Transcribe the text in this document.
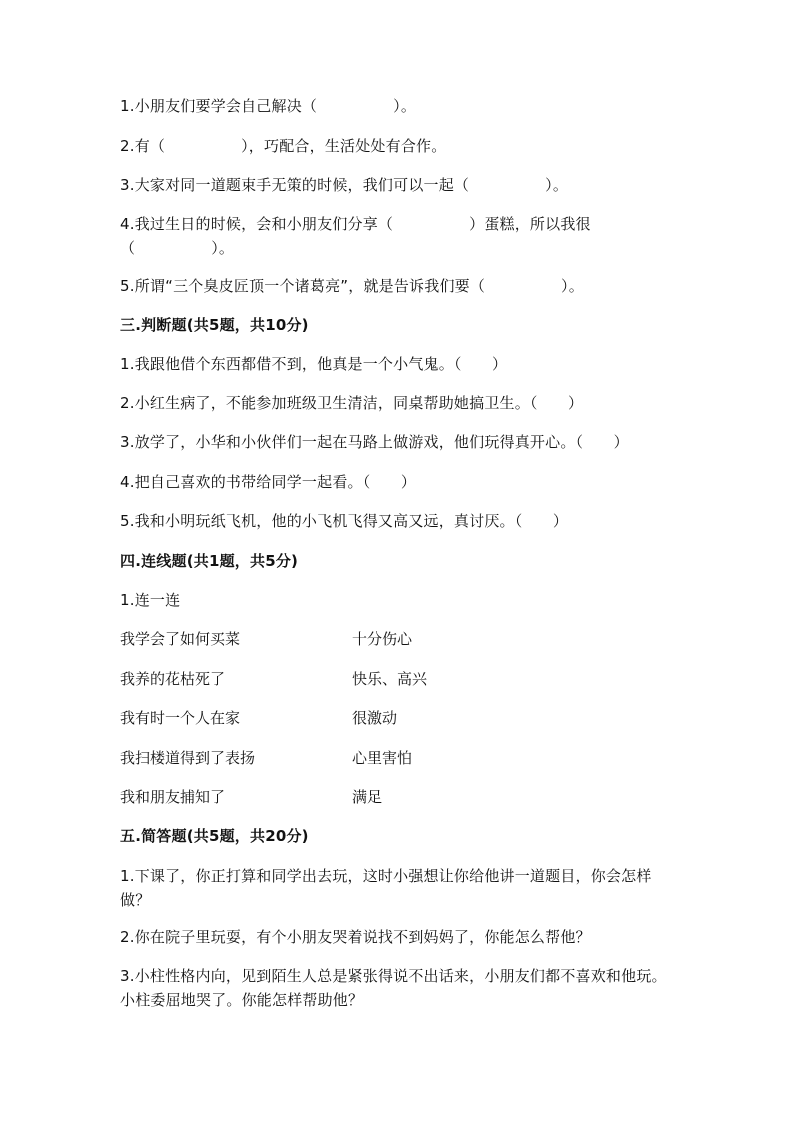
1.小朋友们要学会自己解决（　　　　　）。
2.有（　　　　　），巧配合，生活处处有合作。
3.大家对同一道题束手无策的时候，我们可以一起（　　　　　）。
4.我过生日的时候，会和小朋友们分享（　　　　　）蛋糕，所以我很（　　　　　）。
5.所谓“三个臭皮匠顶一个诸葛亮”，就是告诉我们要（　　　　　）。
三.判断题(共5题，共10分)
1.我跟他借个东西都借不到，他真是一个小气鬼。（　　）
2.小红生病了，不能参加班级卫生清洁，同桌帮助她搞卫生。（　　）
3.放学了，小华和小伙伴们一起在马路上做游戏，他们玩得真开心。（　　）
4.把自己喜欢的书带给同学一起看。（　　）
5.我和小明玩纸飞机，他的小飞机飞得又高又远，真讨厌。（　　）
四.连线题(共1题，共5分)
1.连一连
我学会了如何买菜	十分伤心
我养的花枯死了	快乐、高兴
我有时一个人在家	很激动
我扫楼道得到了表扬	心里害怕
我和朋友捕知了	满足
五.简答题(共5题，共20分)
1.下课了，你正打算和同学出去玩，这时小强想让你给他讲一道题目，你会怎样做？
2.你在院子里玩耍，有个小朋友哭着说找不到妈妈了，你能怎么帮他？
3.小柱性格内向，见到陌生人总是紧张得说不出话来，小朋友们都不喜欢和他玩。小柱委屈地哭了。你能怎样帮助他？
